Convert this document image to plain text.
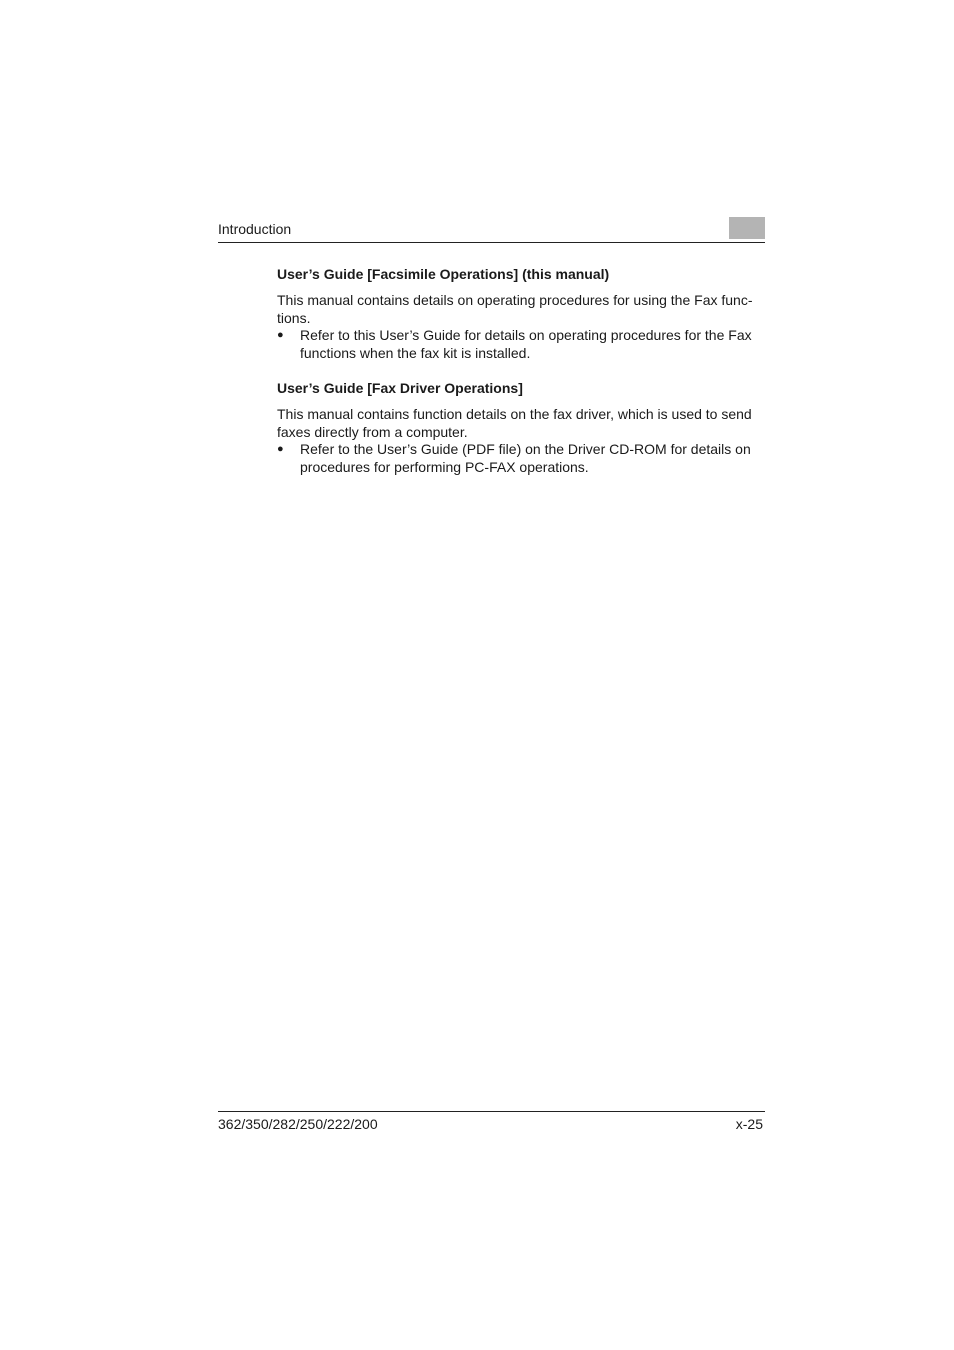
Introduction
User’s Guide [Facsimile Operations] (this manual)

This manual contains details on operating procedures for using the Fax func-tions.

● Refer to this User’s Guide for details on operating procedures for the Fax functions when the fax kit is installed.

User’s Guide [Fax Driver Operations]

This manual contains function details on the fax driver, which is used to send faxes directly from a computer.

● Refer to the User’s Guide (PDF file) on the Driver CD-ROM for details on procedures for performing PC-FAX operations.

362/350/282/250/222/200	x-25
